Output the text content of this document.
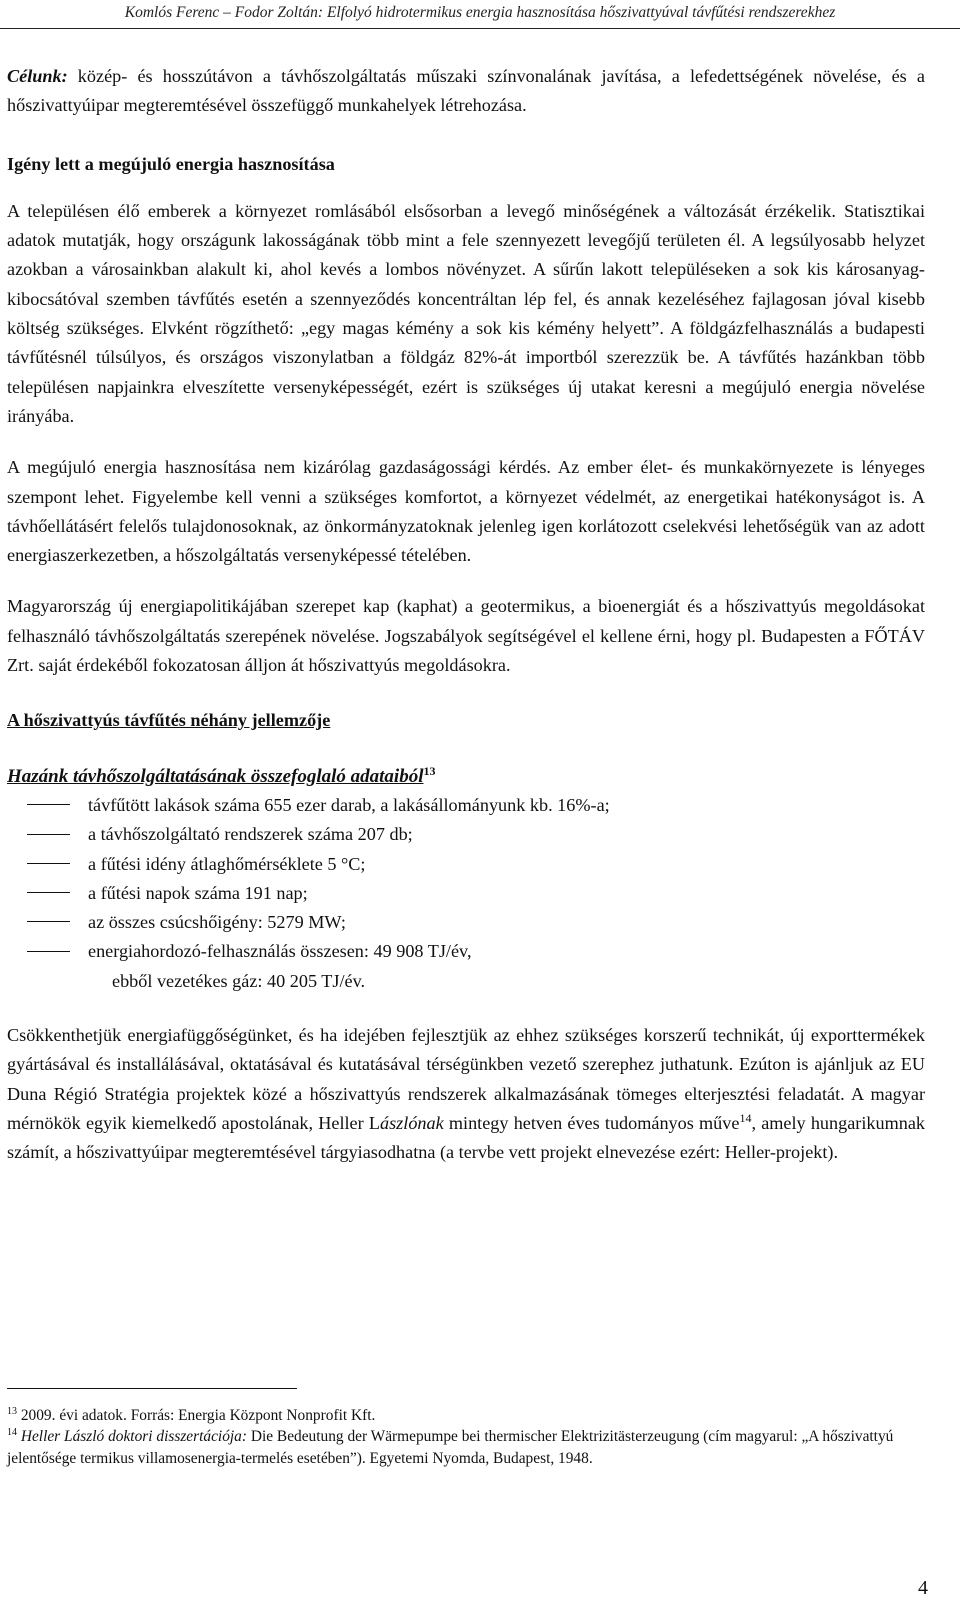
Komlós Ferenc – Fodor Zoltán: Elfolyó hidrotermikus energia hasznosítása hőszivattyúval távfűtési rendszerekhez

Célunk: közép- és hosszútávon a távhőszolgáltatás műszaki színvonalának javítása, a lefedettségének növelése, és a hőszivattyúipar megteremtésével összefüggő munkahelyek létrehozása.

Igény lett a megújuló energia hasznosítása

A településen élő emberek a környezet romlásából elsősorban a levegő minőségének a változását érzékelik. Statisztikai adatok mutatják, hogy országunk lakosságának több mint a fele szennyezett levegőjű területen él. A legsúlyosabb helyzet azokban a városainkban alakult ki, ahol kevés a lombos növényzet. A sűrűn lakott településeken a sok kis károsanyag-kibocsátóval szemben távfűtés esetén a szennyeződés koncentráltan lép fel, és annak kezeléséhez fajlagosan jóval kisebb költség szükséges. Elvként rögzíthető: „egy magas kémény a sok kis kémény helyett”. A földgázfelhasználás a budapesti távfűtésnél túlsúlyos, és országos viszonylatban a földgáz 82%-át importból szerezzük be. A távfűtés hazánkban több településen napjainkra elveszítette versenyképességét, ezért is szükséges új utakat keresni a megújuló energia növelése irányába.

A megújuló energia hasznosítása nem kizárólag gazdaságossági kérdés. Az ember élet- és munkakörnyezete is lényeges szempont lehet. Figyelembe kell venni a szükséges komfortot, a környezet védelmét, az energetikai hatékonyságot is. A távhőellátásért felelős tulajdonosoknak, az önkormányzatoknak jelenleg igen korlátozott cselekvési lehetőségük van az adott energiaszerkezetben, a hőszolgáltatás versenyképessé tételében.

Magyarország új energiapolitikájában szerepet kap (kaphat) a geotermikus, a bioenergiát és a hőszivattyús megoldásokat felhasználó távhőszolgáltatás szerepének növelése. Jogszabályok segítségével el kellene érni, hogy pl. Budapesten a FŐTÁV Zrt. saját érdekéből fokozatosan álljon át hőszivattyús megoldásokra.

A hőszivattyús távfűtés néhány jellemzője

Hazánk távhőszolgáltatásának összefoglaló adataiból$^{13}$

távfűtött lakások száma 655 ezer darab, a lakásállományunk kb. 16%-a;

a távhőszolgáltató rendszerek száma 207 db;

a fűtési idény átlaghőmérséklete 5 °C;

a fűtési napok száma 191 nap;

az összes csúcshőigény: 5279 MW;

energiahordozó-felhasználás összesen: 49 908 TJ/év,

ebből vezetékes gáz: 40 205 TJ/év.

Csökkenthetjük energiafüggőségünket, és ha idejében fejlesztjük az ehhez szükséges korszerű technikát, új exporttermékek gyártásával és installálásával, oktatásával és kutatásával térségünkben vezető szerephez juthatunk. Ezúton is ajánljuk az EU Duna Régió Stratégia projektek közé a hőszivattyús rendszerek alkalmazásának tömeges elterjesztési feladatát. A magyar mérnökök egyik kiemelkedő apostolának, Heller Lászlónak mintegy hetven éves tudományos műve$^{14}$, amely hungarikumnak számít, a hőszivattyúipar megteremtésével tárgyiasodhatna (a tervbe vett projekt elnevezése ezért: Heller-projekt).

$^{13}$ 2009. évi adatok. Forrás: Energia Központ Nonprofit Kft.

$^{14}$ Heller László doktori disszertációja: Die Bedeutung der Wärmepumpe bei thermischer Elektrizitästerzeugung (cím magyarul: „A hőszivattyú jelentősége termikus villamosenergia-termelés esetében”). Egyetemi Nyomda, Budapest, 1948.

4
